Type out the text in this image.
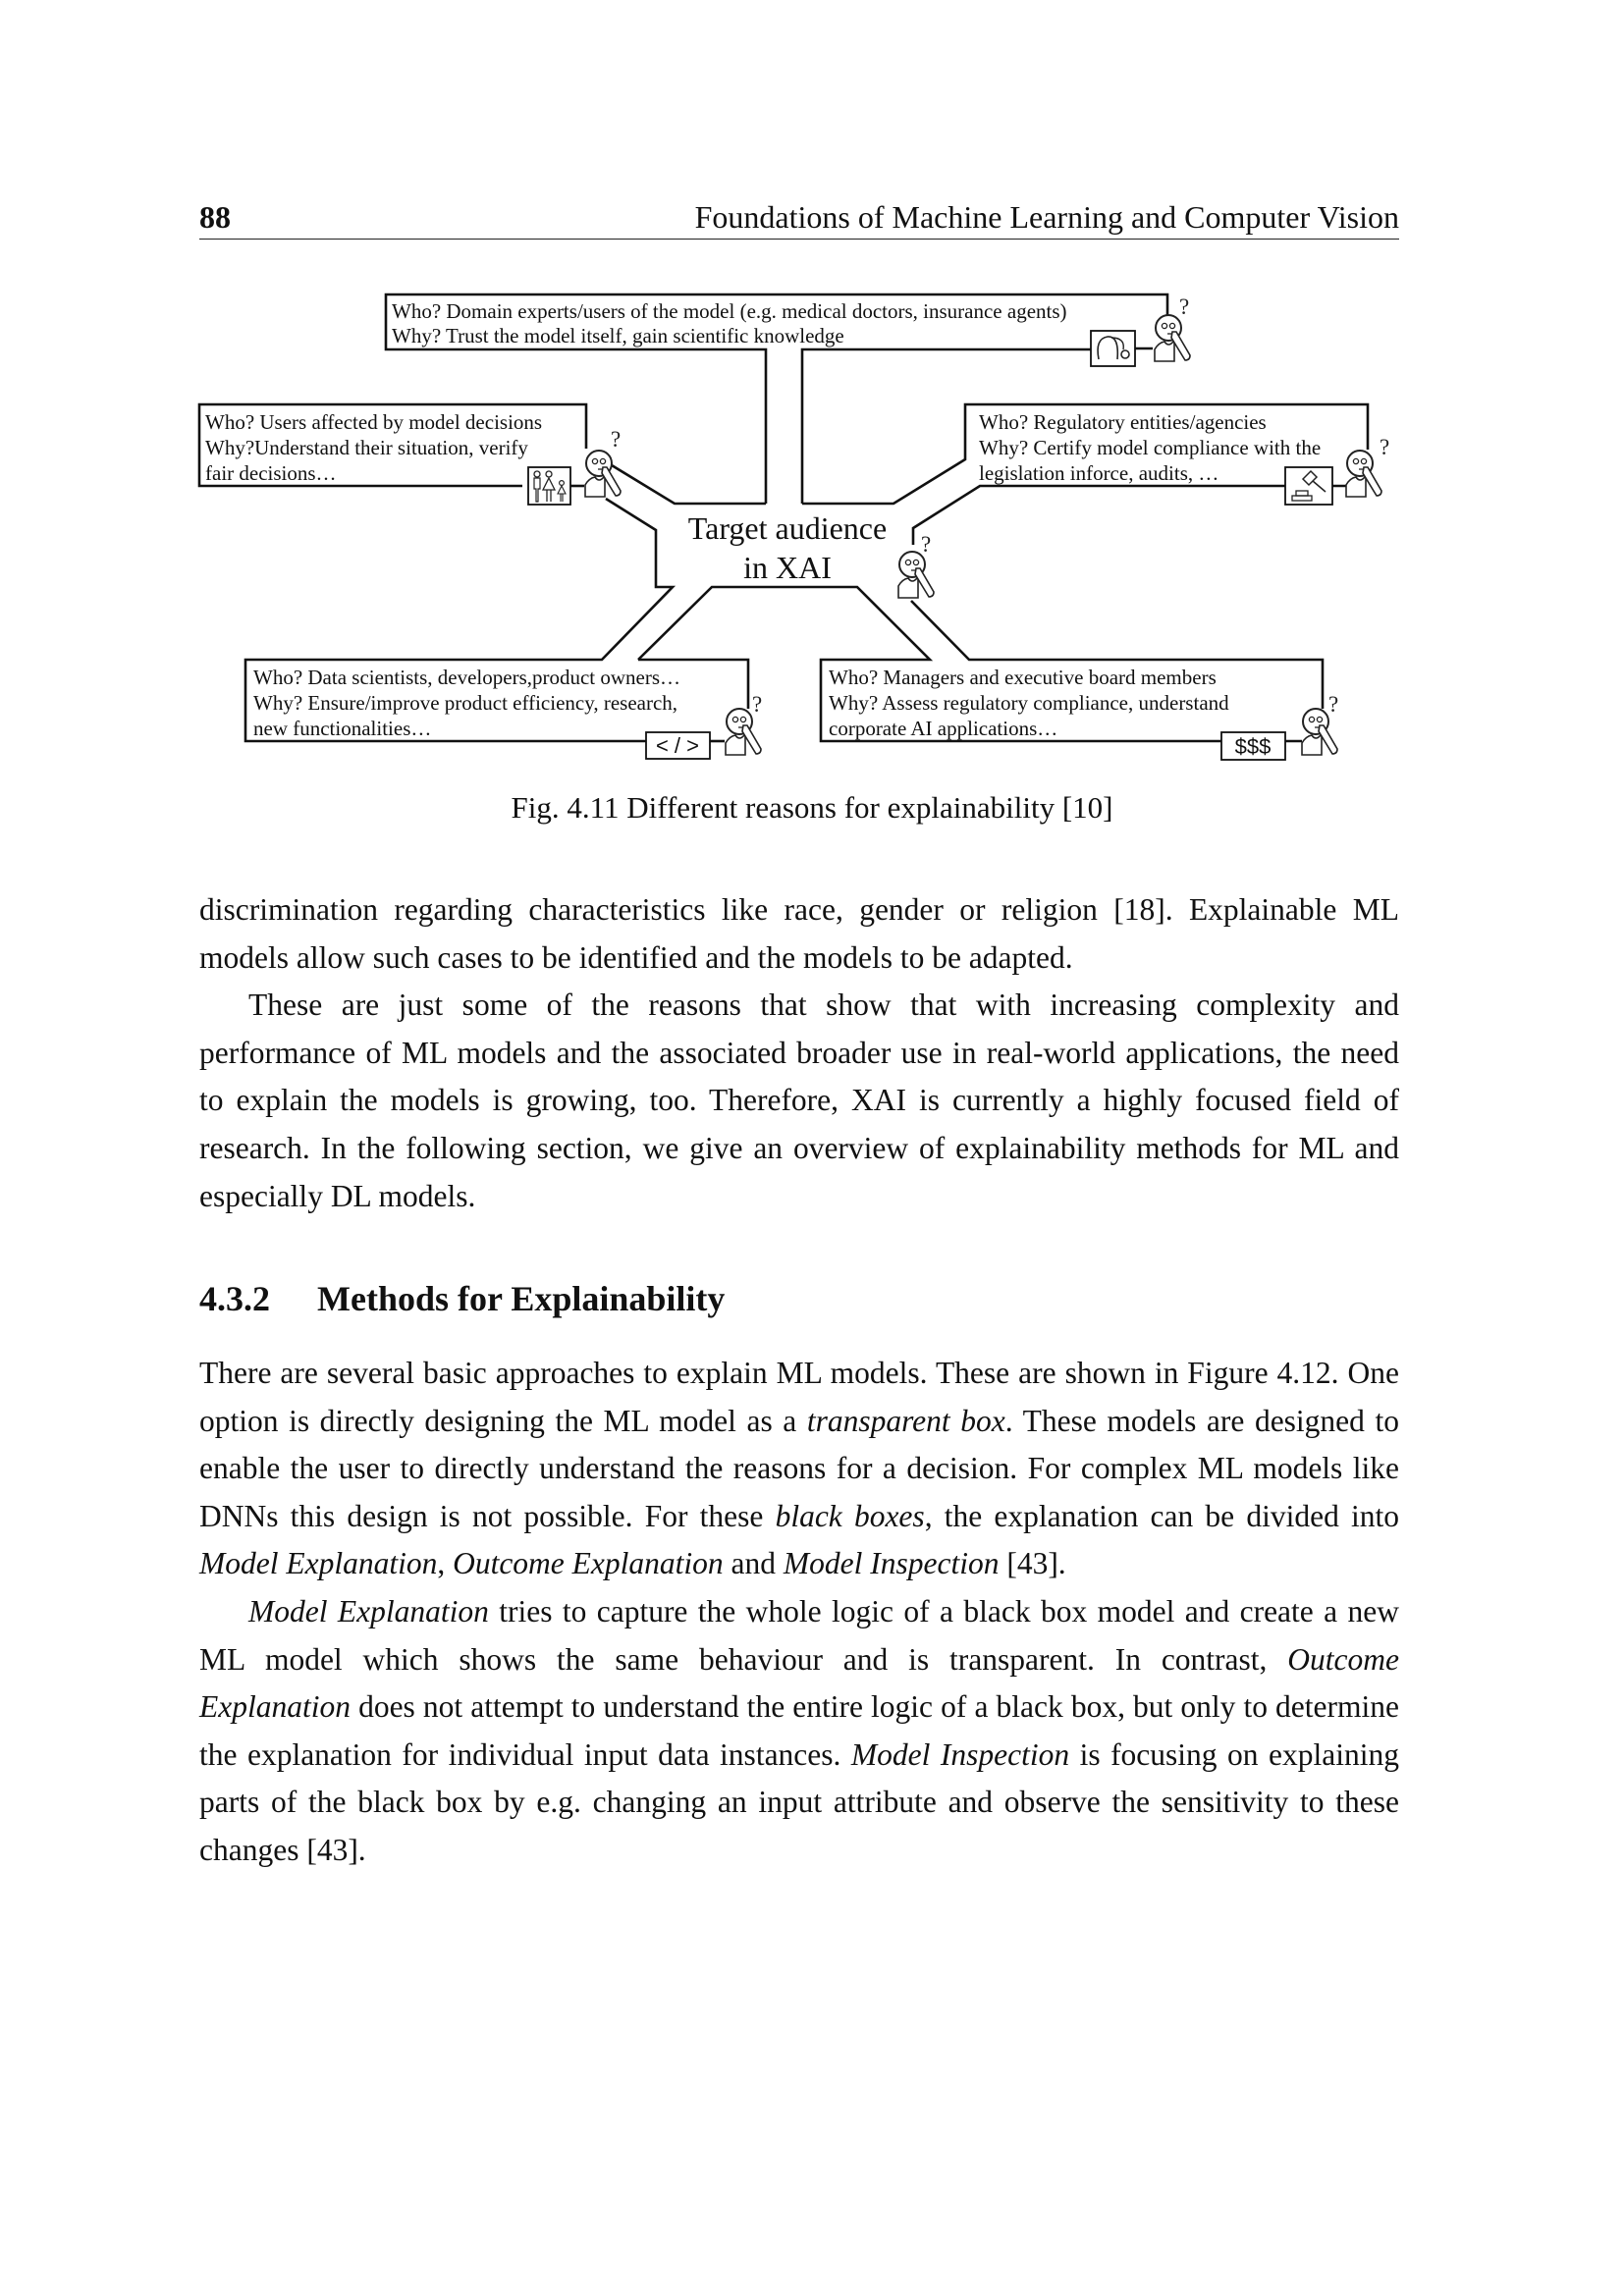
88	Foundations of Machine Learning and Computer Vision
Who? Domain experts/users of the model (e.g. medical doctors, insurance agents)
Why? Trust the model itself, gain scientific knowledge
Who? Users affected by model decisions
Why?Understand their situation, verify
fair decisions…
Who? Regulatory entities/agencies
Why? Certify model compliance with the
legislation inforce, audits, …
Who? Data scientists, developers,product owners…
Why? Ensure/improve product efficiency, research,
new functionalities…
Who? Managers and executive board members
Why? Assess regulatory compliance, understand
corporate AI applications…
Target audience
in XAI
< / >	$$$
?
?	?
?
?	?
Fig. 4.11 Different reasons for explainability [10]

discrimination regarding characteristics like race, gender or religion [18]. Explainable ML models allow such cases to be identified and the models to be adapted.

These are just some of the reasons that show that with increasing complexity and performance of ML models and the associated broader use in real-world applications, the need to explain the models is growing, too. Therefore, XAI is currently a highly focused field of research. In the following section, we give an overview of explainability methods for ML and especially DL models.

4.3.2 Methods for Explainability

There are several basic approaches to explain ML models. These are shown in Figure 4.12. One option is directly designing the ML model as a transparent box. These models are designed to enable the user to directly understand the reasons for a decision. For complex ML models like DNNs this design is not possible. For these black boxes, the explanation can be divided into Model Explanation, Outcome Explanation and Model Inspection [43].

Model Explanation tries to capture the whole logic of a black box model and create a new ML model which shows the same behaviour and is transparent. In contrast, Outcome Explanation does not attempt to understand the entire logic of a black box, but only to determine the explanation for individual input data instances. Model Inspection is focusing on explaining parts of the black box by e.g. changing an input attribute and observe the sensitivity to these changes [43].
